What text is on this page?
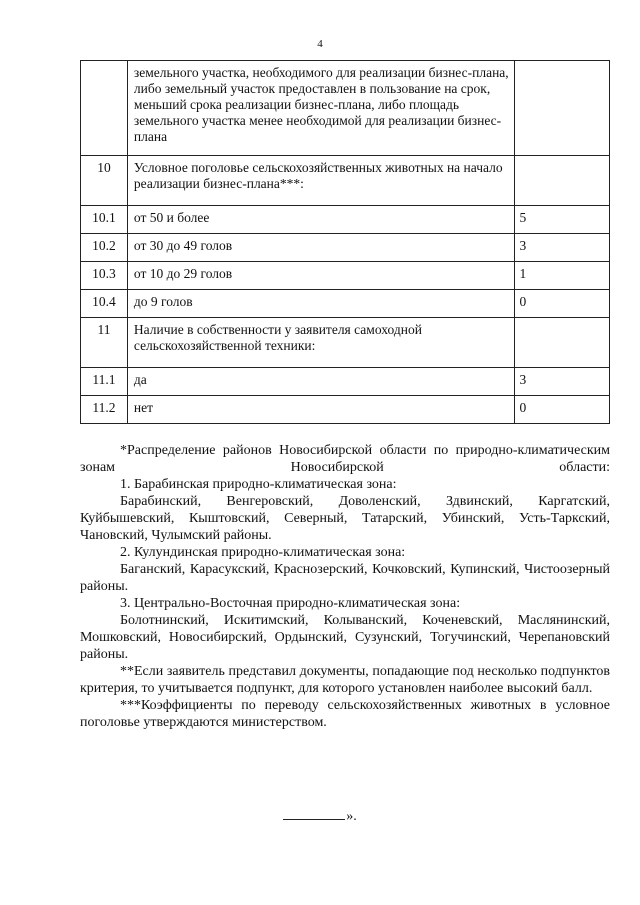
4
	земельного участка, необходимого для реализации бизнес-плана, либо земельный участок предоставлен в пользование на срок, меньший срока реализации бизнес-плана, либо площадь земельного участка менее необходимой для реализации бизнес-плана	
10	Условное поголовье сельскохозяйственных животных на начало реализации бизнес-плана***:	
10.1	от 50 и более	5
10.2	от 30 до 49 голов	3
10.3	от 10 до 29 голов	1
10.4	до 9 голов	0
11	Наличие в собственности у заявителя самоходной сельскохозяйственной техники:	
11.1	да	3
11.2	нет	0

*Распределение районов Новосибирской области по природно-климатическим зонам Новосибирской области:

1. Барабинская природно-климатическая зона:

Барабинский, Венгеровский, Доволенский, Здвинский, Каргатский, Куйбышевский, Кыштовский, Северный, Татарский, Убинский, Усть-Таркский, Чановский, Чулымский районы.

2. Кулундинская природно-климатическая зона:

Баганский, Карасукский, Краснозерский, Кочковский, Купинский, Чистоозерный районы.

3. Центрально-Восточная природно-климатическая зона:

Болотнинский, Искитимский, Колыванский, Коченевский, Маслянинский, Мошковский, Новосибирский, Ордынский, Сузунский, Тогучинский, Черепановский районы.

**Если заявитель представил документы, попадающие под несколько подпунктов критерия, то учитывается подпункт, для которого установлен наиболее высокий балл.

***Коэффициенты по переводу сельскохозяйственных животных в условное поголовье утверждаются министерством.

».
